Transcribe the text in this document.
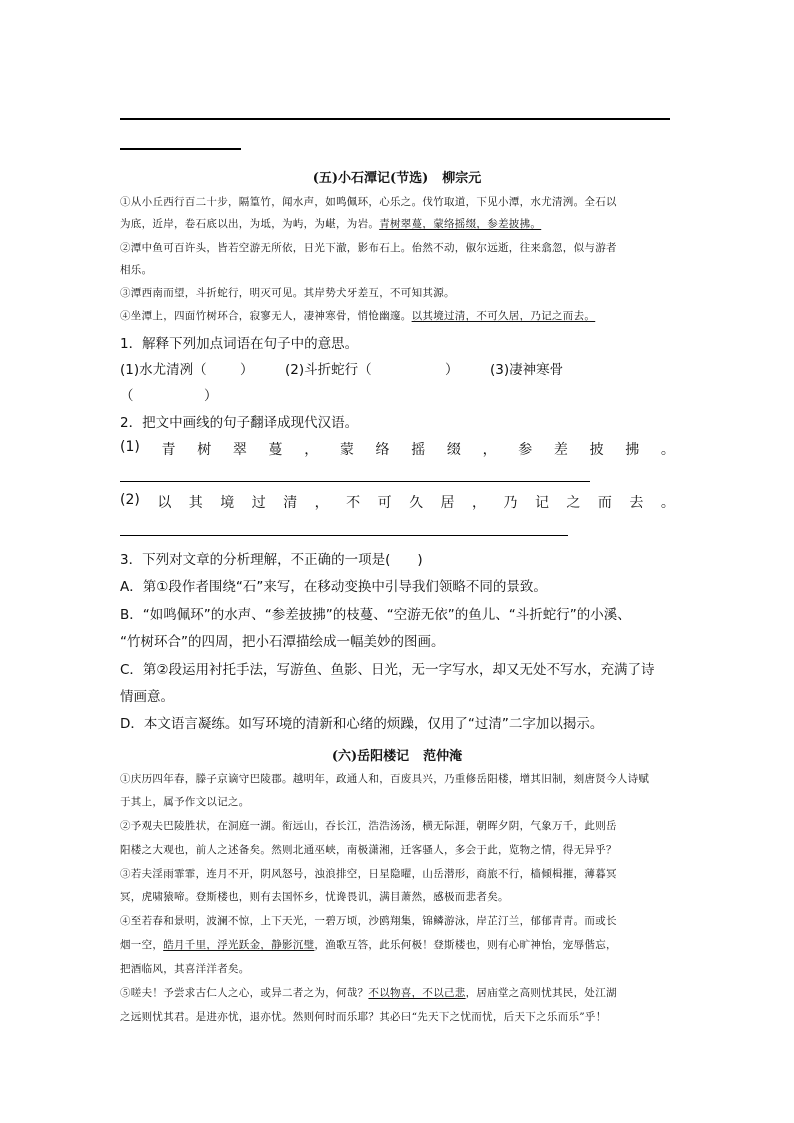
(五)小石潭记(节选) 柳宗元
①从小丘西行百二十步，隔篁竹，闻水声，如鸣佩环，心乐之。伐竹取道，下见小潭，水尤清洌。全石以
为底，近岸，卷石底以出，为坻，为屿，为嵁，为岩。青树翠蔓，蒙络摇缀，参差披拂。
②潭中鱼可百许头，皆若空游无所依，日光下澈，影布石上。佁然不动，俶尔远逝，往来翕忽，似与游者
相乐。
③潭西南而望，斗折蛇行，明灭可见。其岸势犬牙差互，不可知其源。
④坐潭上，四面竹树环合，寂寥无人，凄神寒骨，悄怆幽邃。以其境过清，不可久居，乃记之而去。
1．解释下列加点词语在句子中的意思。
(1)水尤清冽（ ） (2)斗折蛇行（	） (3)凄神寒骨
（	）
2．把文中画线的句子翻译成现代汉语。
(1) 青 树 翠 蔓 ， 蒙 络 摇 缀 ， 参 差 披 拂 。
(2) 以 其 境 过 清 ， 不 可 久 居 ， 乃 记 之 而 去 。
3．下列对文章的分析理解，不正确的一项是(　　)
A．第①段作者围绕“石”来写，在移动变换中引导我们领略不同的景致。
B．“如鸣佩环”的水声、“参差披拂”的枝蔓、“空游无依”的鱼儿、“斗折蛇行”的小溪、
“竹树环合”的四周，把小石潭描绘成一幅美妙的图画。
C．第②段运用衬托手法，写游鱼、鱼影、日光，无一字写水，却又无处不写水，充满了诗
情画意。
D．本文语言凝练。如写环境的清新和心绪的烦躁，仅用了“过清”二字加以揭示。
(六)岳阳楼记 范仲淹
①庆历四年春，滕子京谪守巴陵郡。越明年，政通人和，百废具兴，乃重修岳阳楼，增其旧制，刻唐贤今人诗赋
于其上，属予作文以记之。
②予观夫巴陵胜状，在洞庭一湖。衔远山，吞长江，浩浩汤汤，横无际涯，朝晖夕阴，气象万千，此则岳
阳楼之大观也，前人之述备矣。然则北通巫峡，南极潇湘，迁客骚人，多会于此，览物之情，得无异乎？
③若夫淫雨霏霏，连月不开，阴风怒号，浊浪排空，日星隐曜，山岳潜形，商旅不行，樯倾楫摧，薄暮冥
冥，虎啸猿啼。登斯楼也，则有去国怀乡，忧谗畏讥，满目萧然，感极而悲者矣。
④至若春和景明，波澜不惊，上下天光，一碧万顷，沙鸥翔集，锦鳞游泳，岸芷汀兰，郁郁青青。而或长
烟一空，皓月千里，浮光跃金，静影沉璧，渔歌互答，此乐何极！登斯楼也，则有心旷神怡，宠辱偕忘，
把酒临风，其喜洋洋者矣。
⑤嗟夫！予尝求古仁人之心，或异二者之为，何哉？不以物喜，不以己悲，居庙堂之高则忧其民，处江湖
之远则忧其君。是进亦忧，退亦忧。然则何时而乐耶？其必曰“先天下之忧而忧，后天下之乐而乐”乎！
